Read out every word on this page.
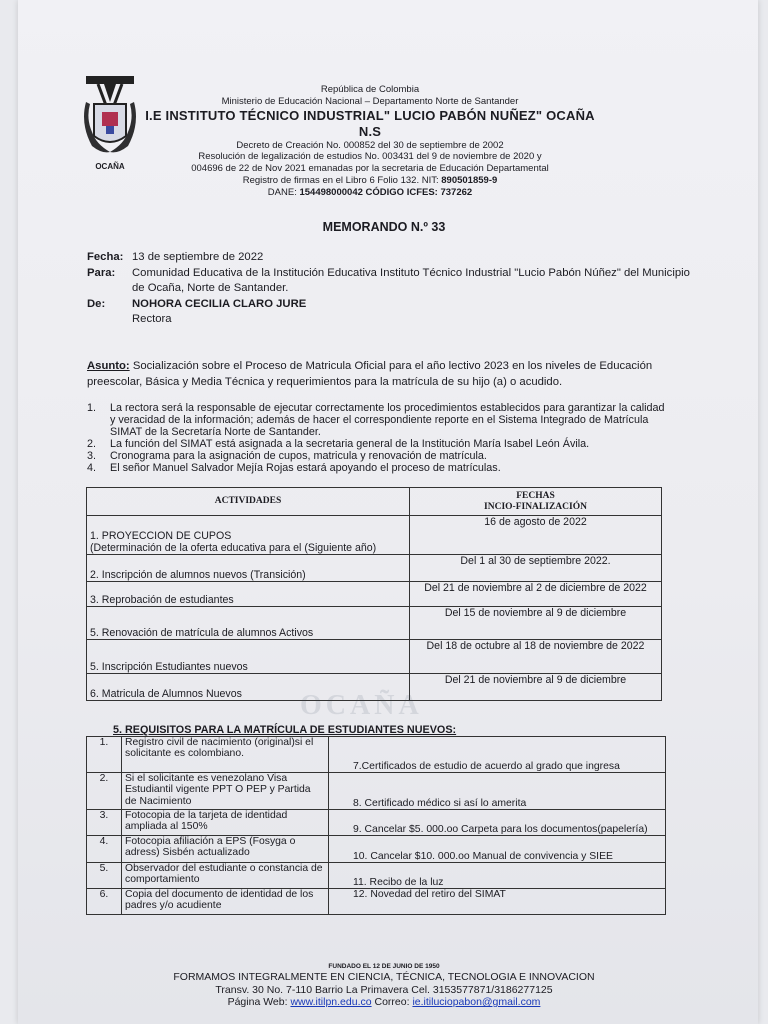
OCAÑA
República de Colombia
Ministerio de Educación Nacional – Departamento Norte de Santander
I.E INSTITUTO TÉCNICO INDUSTRIAL" LUCIO PABÓN NUÑEZ" OCAÑA N.S
Decreto de Creación No. 000852 del 30 de septiembre de 2002
Resolución de legalización de estudios No. 003431 del 9 de noviembre de 2020 y
004696 de 22 de Nov 2021 emanadas por la secretaria de Educación Departamental
Registro de firmas en el Libro 6 Folio 132. NIT: 890501859-9
DANE: 154498000042 CÓDIGO ICFES: 737262
MEMORANDO N.º 33
Fecha: 13 de septiembre de 2022
Para:	Comunidad Educativa de la Institución Educativa Instituto Técnico Industrial "Lucio Pabón Núñez" del Municipio de Ocaña, Norte de Santander.
De:	NOHORA CECILIA CLARO JURE
Rectora
Asunto: Socialización sobre el Proceso de Matricula Oficial para el año lectivo 2023 en los niveles de Educación preescolar, Básica y Media Técnica y requerimientos para la matrícula de su hijo (a) o acudido.
1.	La rectora será la responsable de ejecutar correctamente los procedimientos establecidos para garantizar la calidad y veracidad de la información; además de hacer el correspondiente reporte en el Sistema Integrado de Matrícula SIMAT de la Secretaría Norte de Santander.
2.	La función del SIMAT está asignada a la secretaria general de la Institución María Isabel León Ávila.
3.	Cronograma para la asignación de cupos, matricula y renovación de matrícula.
4.	El señor Manuel Salvador Mejía Rojas estará apoyando el proceso de matrículas.
ACTIVIDADES	FECHAS
INCIO-FINALIZACIÓN

1. PROYECCION DE CUPOS
(Determinación de la oferta educativa para el (Siguiente año)	16 de agosto de 2022
2. Inscripción de alumnos nuevos (Transición)	Del 1 al 30 de septiembre 2022.
3. Reprobación de estudiantes	Del 21 de noviembre al 2 de diciembre de 2022
5. Renovación de matrícula de alumnos Activos	Del 15 de noviembre al 9 de diciembre
5. Inscripción Estudiantes nuevos	Del 18 de octubre al 18 de noviembre de 2022
6. Matricula de Alumnos Nuevos	Del 21 de noviembre al 9 de diciembre
OCAÑA
5. REQUISITOS PARA LA MATRÍCULA DE ESTUDIANTES NUEVOS:
1.	Registro civil de nacimiento (original)si el solicitante es colombiano.	7.Certificados de estudio de acuerdo al grado que ingresa
2.	Si el solicitante es venezolano Visa Estudiantil vigente PPT O PEP y Partida de Nacimiento	8. Certificado médico si así lo amerita
3.	Fotocopia de la tarjeta de identidad ampliada al 150%	9. Cancelar $5. 000.oo Carpeta para los documentos(papelería)
4.	Fotocopia afiliación a EPS (Fosyga o adress) Sisbén actualizado	10. Cancelar $10. 000.oo Manual de convivencia y SIEE
5.	Observador del estudiante o constancia de comportamiento	11. Recibo de la luz
6.	Copia del documento de identidad de los padres y/o acudiente	12. Novedad del retiro del SIMAT
FUNDADO EL 12 DE JUNIO DE 1950
FORMAMOS INTEGRALMENTE EN CIENCIA, TÉCNICA, TECNOLOGIA E INNOVACION
Transv. 30 No. 7-110 Barrio La Primavera Cel. 3153577871/3186277125
Página Web: www.itilpn.edu.co Correo: ie.itiluciopabon@gmail.com
